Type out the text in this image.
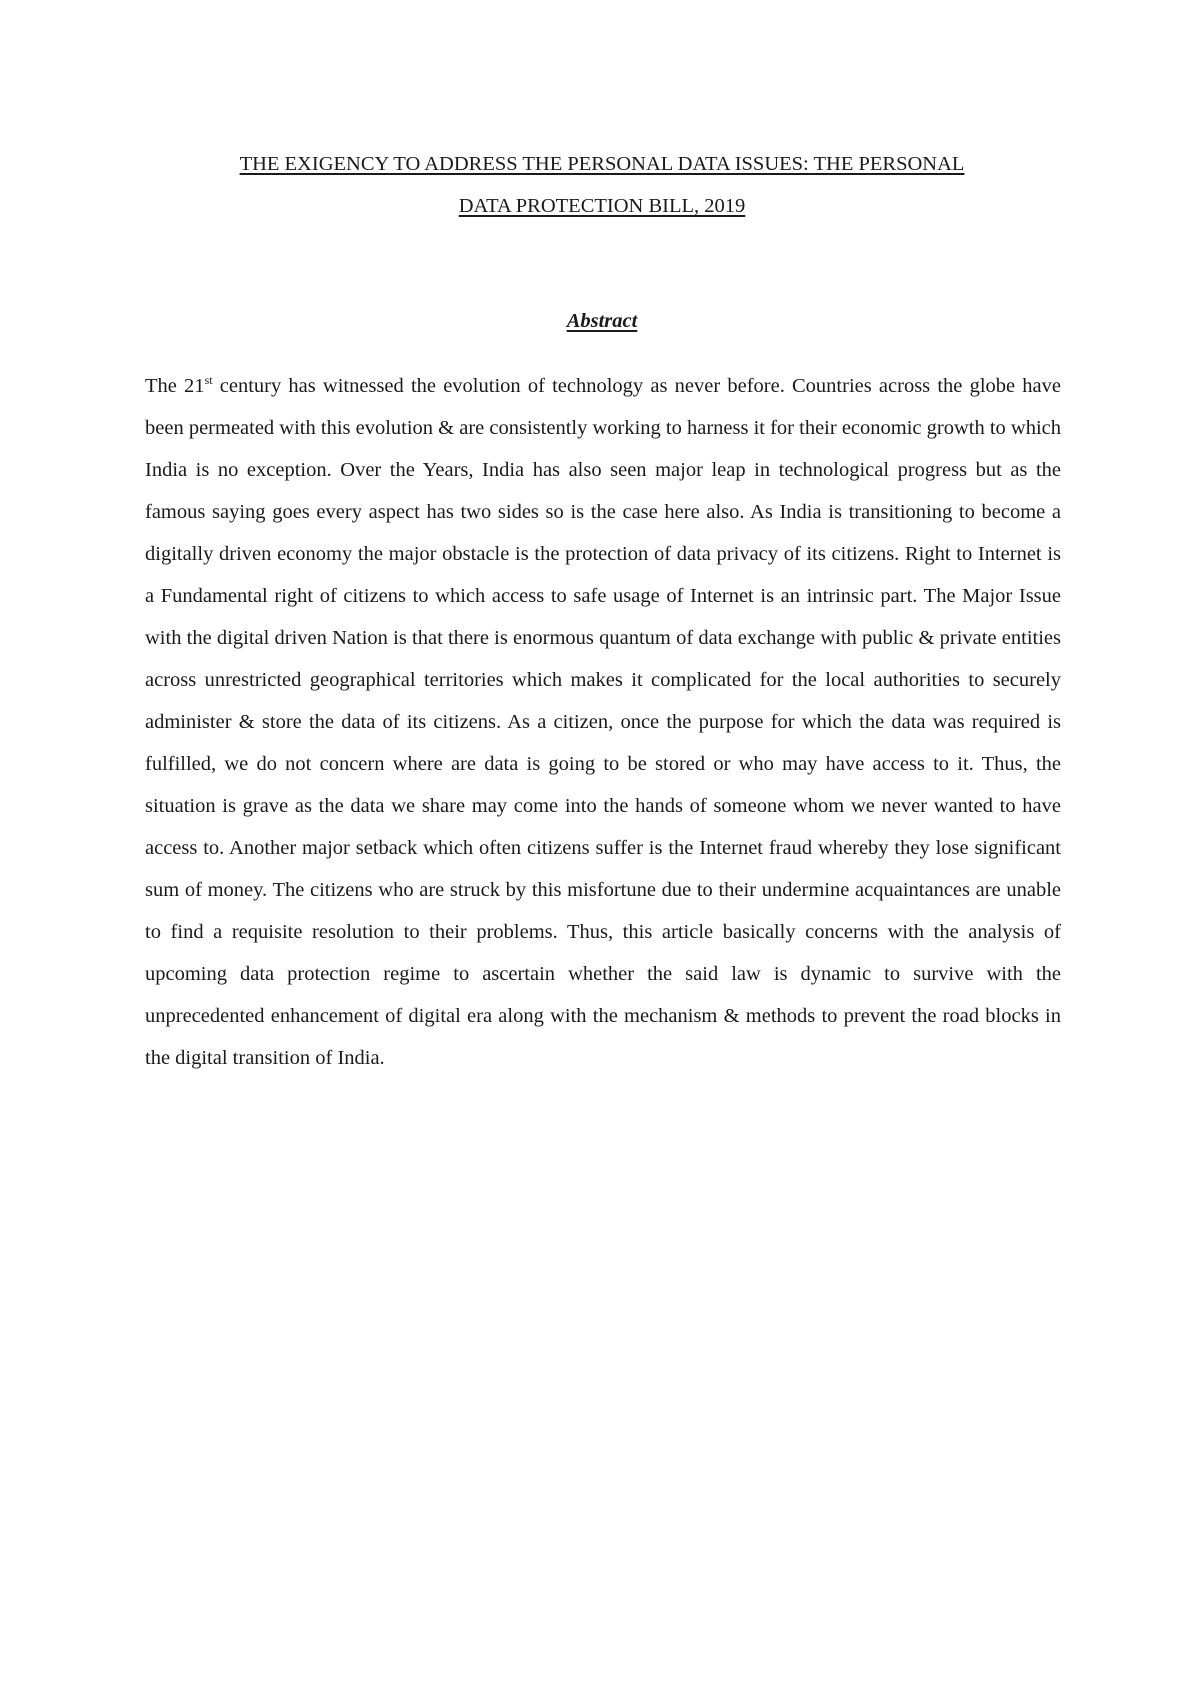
THE EXIGENCY TO ADDRESS THE PERSONAL DATA ISSUES: THE PERSONAL
DATA PROTECTION BILL, 2019
Abstract

The 21st century has witnessed the evolution of technology as never before. Countries across the globe have been permeated with this evolution & are consistently working to harness it for their economic growth to which India is no exception. Over the Years, India has also seen major leap in technological progress but as the famous saying goes every aspect has two sides so is the case here also. As India is transitioning to become a digitally driven economy the major obstacle is the protection of data privacy of its citizens. Right to Internet is a Fundamental right of citizens to which access to safe usage of Internet is an intrinsic part. The Major Issue with the digital driven Nation is that there is enormous quantum of data exchange with public & private entities across unrestricted geographical territories which makes it complicated for the local authorities to securely administer & store the data of its citizens. As a citizen, once the purpose for which the data was required is fulfilled, we do not concern where are data is going to be stored or who may have access to it. Thus, the situation is grave as the data we share may come into the hands of someone whom we never wanted to have access to. Another major setback which often citizens suffer is the Internet fraud whereby they lose significant sum of money. The citizens who are struck by this misfortune due to their undermine acquaintances are unable to find a requisite resolution to their problems. Thus, this article basically concerns with the analysis of upcoming data protection regime to ascertain whether the said law is dynamic to survive with the unprecedented enhancement of digital era along with the mechanism & methods to prevent the road blocks in the digital transition of India.
